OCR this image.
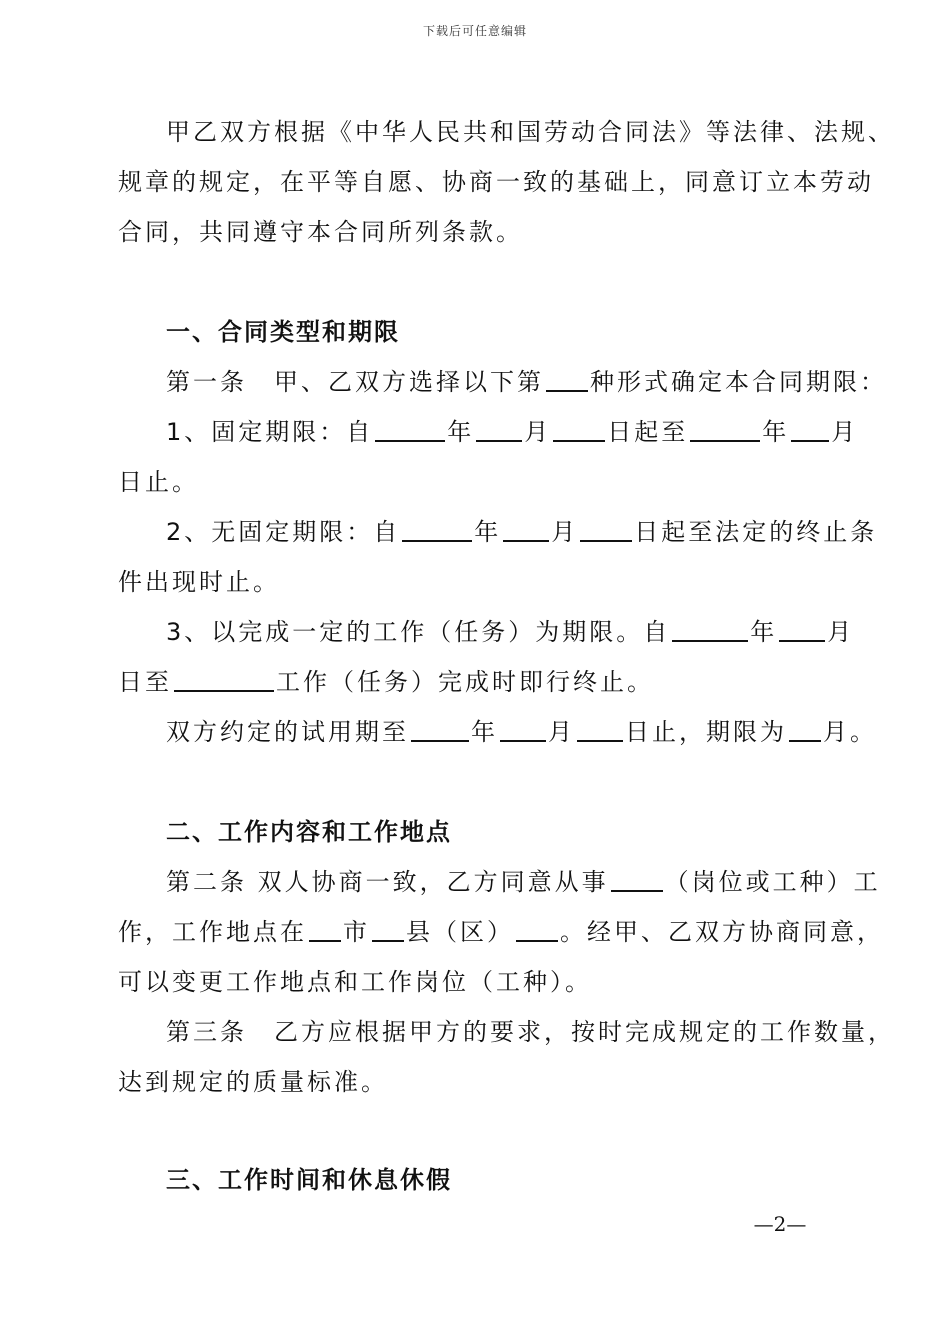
下载后可任意编辑
甲乙双方根据《中华人民共和国劳动合同法》等法律、法规、
规章的规定，在平等自愿、协商一致的基础上，同意订立本劳动
合同，共同遵守本合同所列条款。
一、合同类型和期限
第一条　甲、乙双方选择以下第 种形式确定本合同期限：
1、固定期限：自	年 月 日起至	年 月
日止。
2、无固定期限：自	年 月 日起至法定的终止条
件出现时止。
3、以完成一定的工作（任务）为期限。自	年 月
日至	工作（任务）完成时即行终止。
双方约定的试用期至	年 月 日止，期限为 月。
二、工作内容和工作地点
第二条 双人协商一致，乙方同意从事 （岗位或工种）工
作，工作地点在 市 县（区） 。经甲、乙双方协商同意，
可以变更工作地点和工作岗位（工种）。
第三条　乙方应根据甲方的要求，按时完成规定的工作数量，
达到规定的质量标准。
三、工作时间和休息休假
—2—
